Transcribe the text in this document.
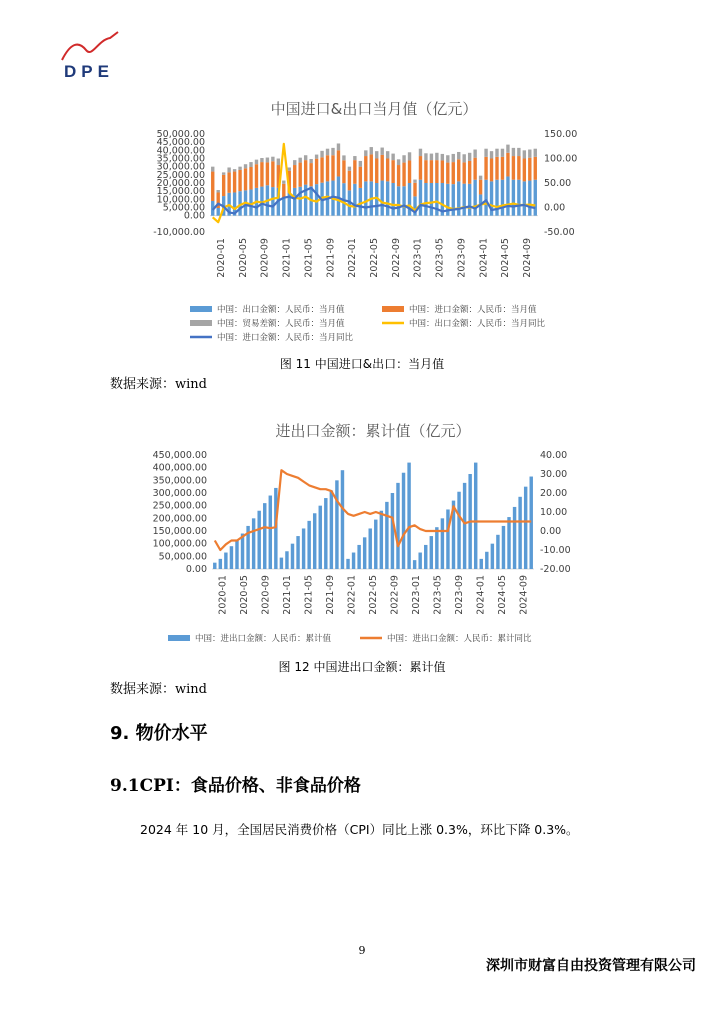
DPE
中国进口&出口当月值（亿元）
-10,000.00
0.00
5,000.00
10,000.00
15,000.00
20,000.00
25,000.00
30,000.00
35,000.00
40,000.00
45,000.00
50,000.00
-50.00
0.00
50.00
100.00
150.00
2020-01 2020-05 2020-09 2021-01 2021-05 2021-09 2022-01 2022-05 2022-09 2023-01 2023-05 2023-09 2024-01 2024-05 2024-09
中国：出口金额：人民币：当月值	中国：进口金额：人民币：当月值
中国：贸易差额：人民币：当月值	中国：出口金额：人民币：当月同比
中国：进口金额：人民币：当月同比
图 11 中国进口&出口：当月值
数据来源：wind
进出口金额：累计值（亿元）
0.00
50,000.00
100,000.00
150,000.00
200,000.00
250,000.00
300,000.00
350,000.00
400,000.00
450,000.00
-20.00
-10.00
0.00
10.00
20.00
30.00
40.00
2020-01 2020-05 2020-09 2021-01 2021-05 2021-09 2022-01 2022-05 2022-09 2023-01 2023-05 2023-09 2024-01 2024-05 2024-09
中国：进出口金额：人民币：累计值	中国：进出口金额：人民币：累计同比
图 12 中国进出口金额：累计值
数据来源：wind
9. 物价水平
9.1CPI：食品价格、非食品价格
2024 年 10 月，全国居民消费价格（CPI）同比上涨 0.3%，环比下降 0.3%。
9
深圳市财富自由投资管理有限公司
